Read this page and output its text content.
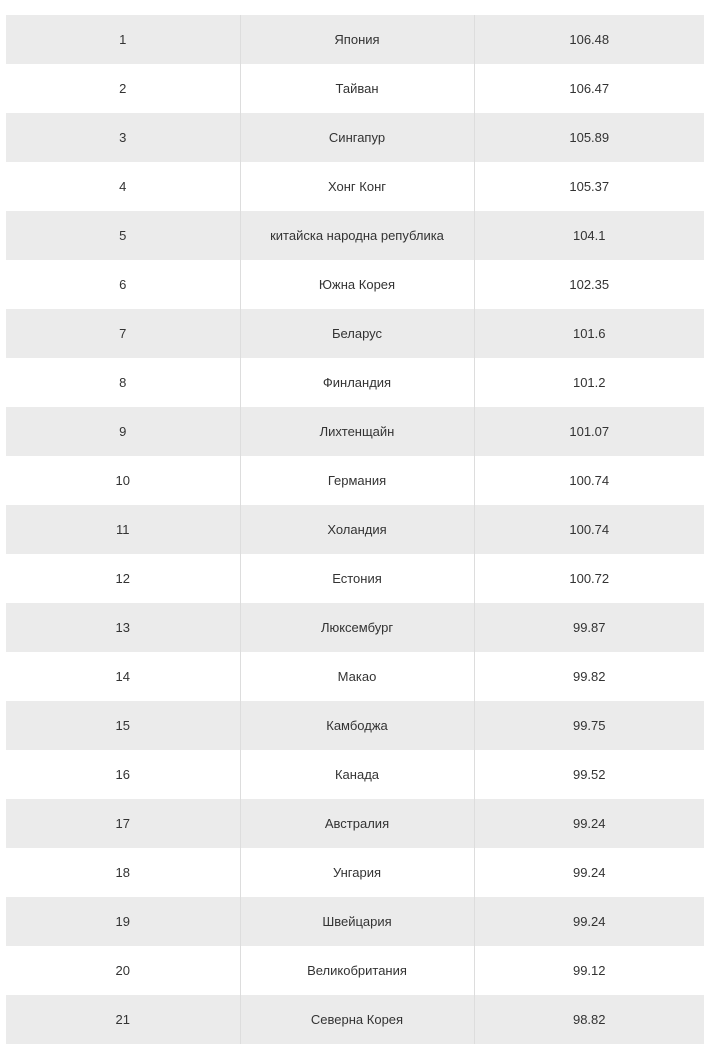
1	Япония	106.48
2	Тайван	106.47
3	Сингапур	105.89
4	Хонг Конг	105.37
5	китайска народна република	104.1
6	Южна Корея	102.35
7	Беларус	101.6
8	Финландия	101.2
9	Лихтенщайн	101.07
10	Германия	100.74
11	Холандия	100.74
12	Естония	100.72
13	Люксембург	99.87
14	Макао	99.82
15	Камбоджа	99.75
16	Канада	99.52
17	Австралия	99.24
18	Унгария	99.24
19	Швейцария	99.24
20	Великобритания	99.12
21	Северна Корея	98.82
